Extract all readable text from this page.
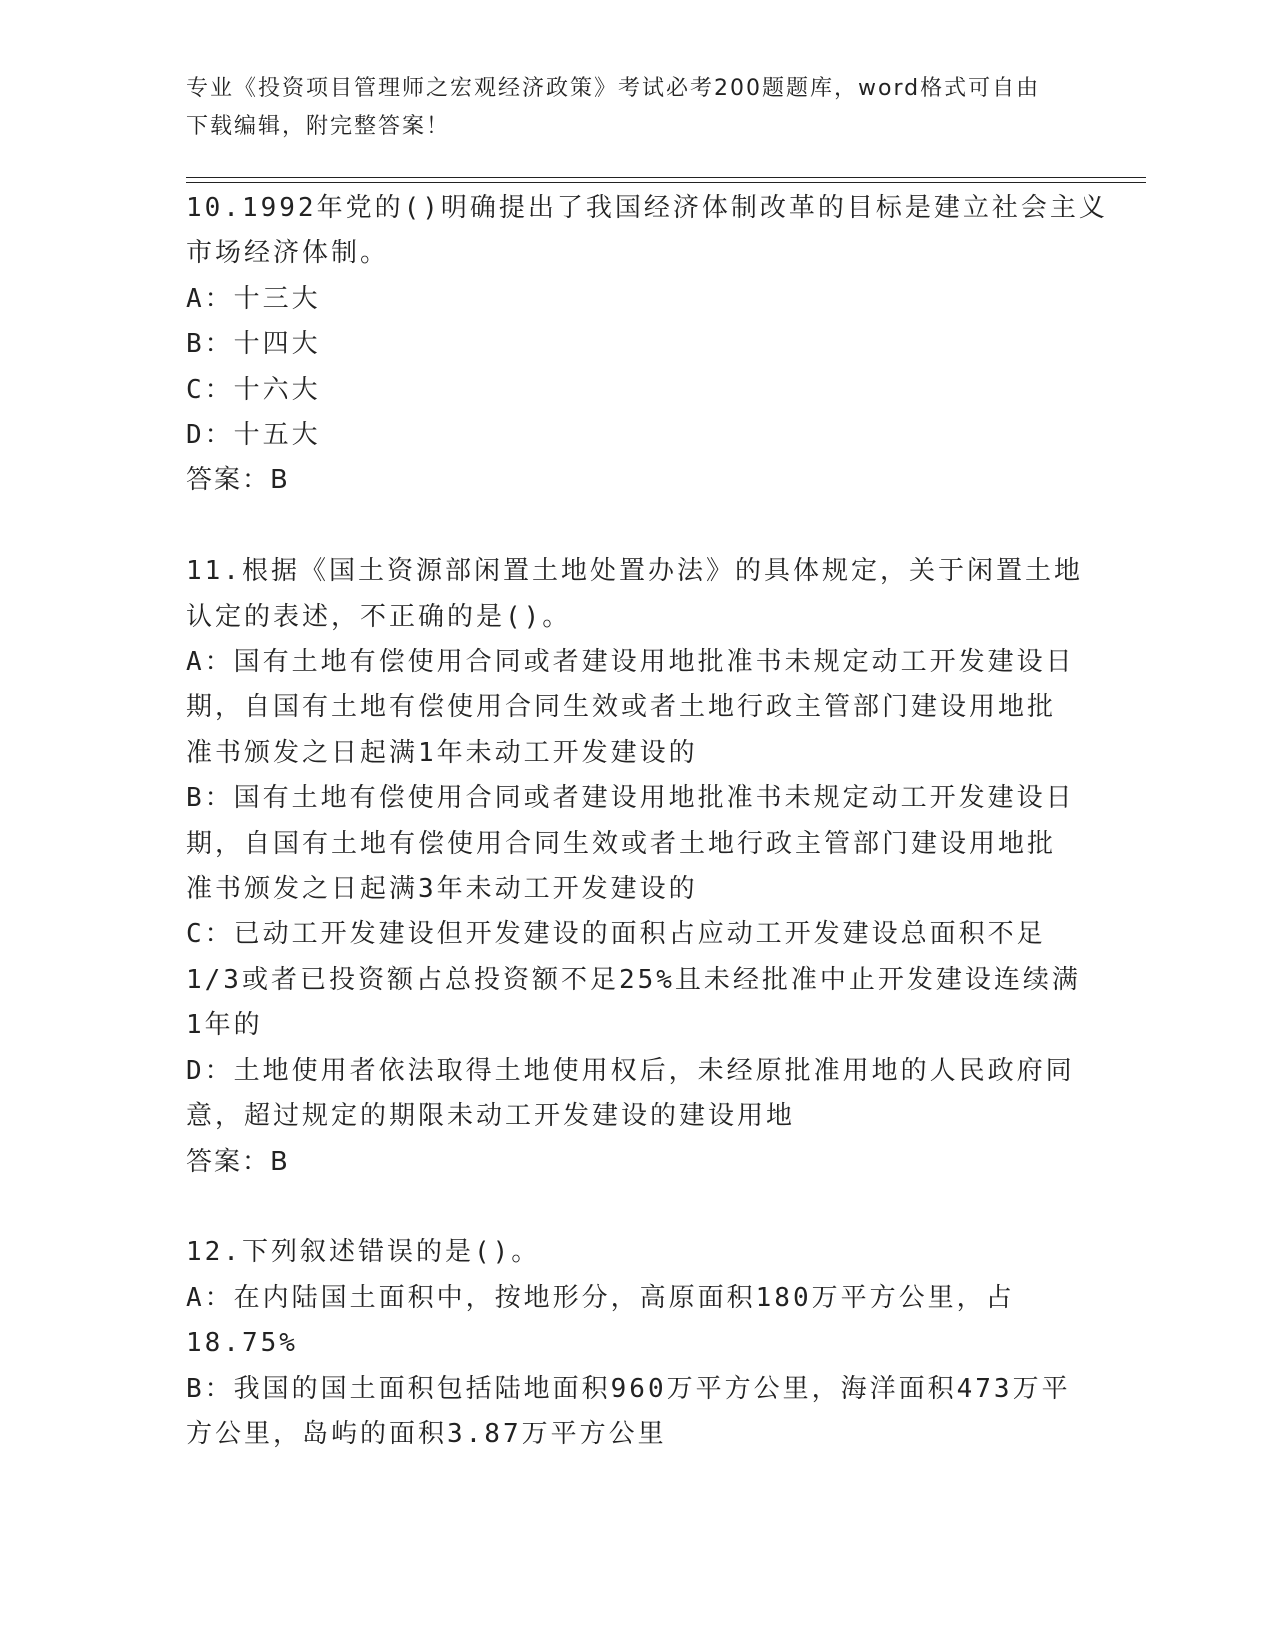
专业《投资项目管理师之宏观经济政策》考试必考200题题库，word格式可自由
下载编辑，附完整答案！
10.1992年党的()明确提出了我国经济体制改革的目标是建立社会主义
市场经济体制。
A：十三大
B：十四大
C：十六大
D：十五大
答案：B
11.根据《国土资源部闲置土地处置办法》的具体规定，关于闲置土地
认定的表述，不正确的是()。
A：国有土地有偿使用合同或者建设用地批准书未规定动工开发建设日
期，自国有土地有偿使用合同生效或者土地行政主管部门建设用地批
准书颁发之日起满1年未动工开发建设的
B：国有土地有偿使用合同或者建设用地批准书未规定动工开发建设日
期，自国有土地有偿使用合同生效或者土地行政主管部门建设用地批
准书颁发之日起满3年未动工开发建设的
C：已动工开发建设但开发建设的面积占应动工开发建设总面积不足
1/3或者已投资额占总投资额不足25%且未经批准中止开发建设连续满
1年的
D：土地使用者依法取得土地使用权后，未经原批准用地的人民政府同
意，超过规定的期限未动工开发建设的建设用地
答案：B
12.下列叙述错误的是()。
A：在内陆国土面积中，按地形分，高原面积180万平方公里，占
18.75%
B：我国的国土面积包括陆地面积960万平方公里，海洋面积473万平
方公里，岛屿的面积3.87万平方公里
